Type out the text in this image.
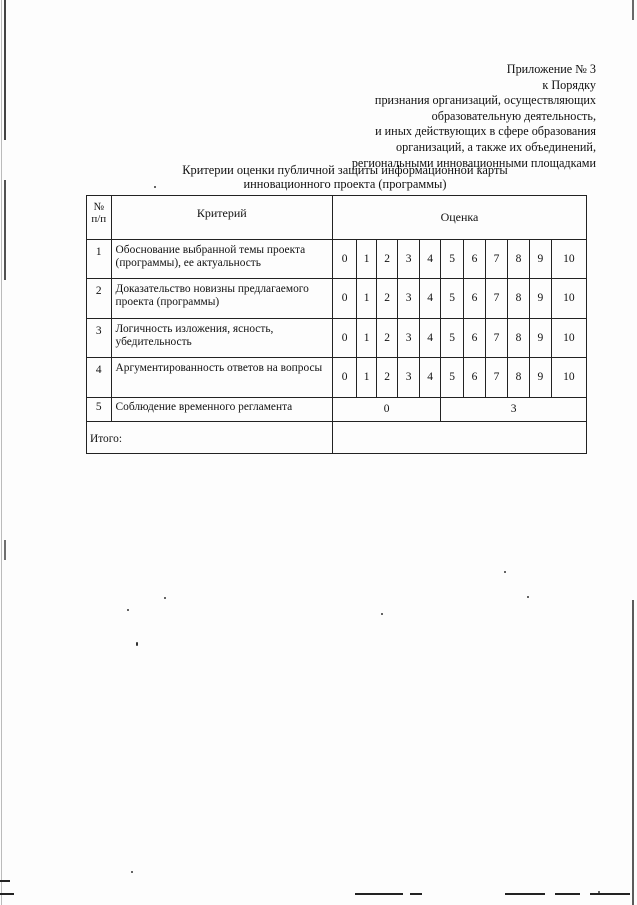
Приложение № 3
к Порядку
признания организаций, осуществляющих
образовательную деятельность,
и иных действующих в сфере образования
организаций, а также их объединений,
региональными инновационными площадками
Критерии оценки публичной защиты информационной карты
инновационного проекта (программы)
№
п/п	Критерий	Оценка										
1	Обоснование выбранной темы проекта (программы), ее актуальность	0	1	2	3	4	5	6	7	8	9	10
2	Доказательство новизны предлагаемого проекта (программы)	0	1	2	3	4	5	6	7	8	9	10
3	Логичность изложения, ясность, убедительность	0	1	2	3	4	5	6	7	8	9	10
4	Аргументированность ответов на вопросы	0	1	2	3	4	5	6	7	8	9	10
5	Соблюдение временного регламента	0					3					
Итого:												
